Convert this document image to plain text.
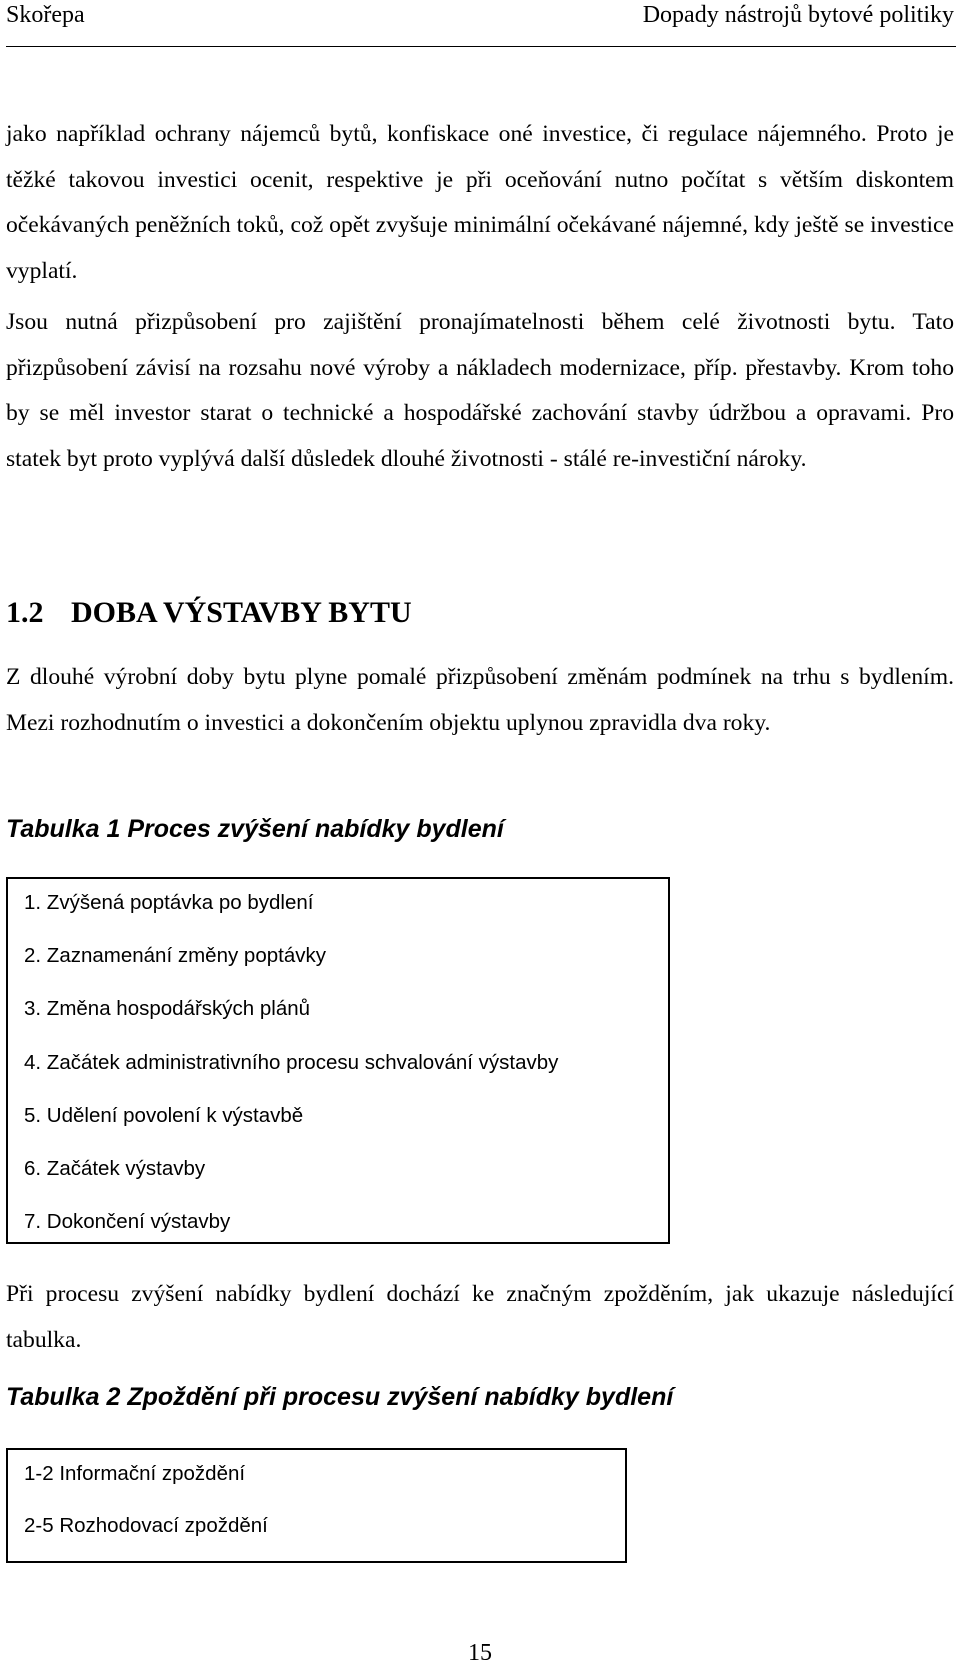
Skořepa	Dopady nástrojů bytové politiky

jako například ochrany nájemců bytů, konfiskace oné investice, či regulace nájemného. Proto je těžké takovou investici ocenit, respektive je při oceňování nutno počítat s větším diskontem očekávaných peněžních toků, což opět zvyšuje minimální očekávané nájemné, kdy ještě se investice vyplatí.

Jsou nutná přizpůsobení pro zajištění pronajímatelnosti během celé životnosti bytu. Tato přizpůsobení závisí na rozsahu nové výroby a nákladech modernizace, příp. přestavby. Krom toho by se měl investor starat o technické a hospodářské zachování stavby údržbou a opravami. Pro statek byt proto vyplývá další důsledek dlouhé životnosti - stálé re-investiční nároky.

1.2 DOBA VÝSTAVBY BYTU

Z dlouhé výrobní doby bytu plyne pomalé přizpůsobení změnám podmínek na trhu s bydlením. Mezi rozhodnutím o investici a dokončením objektu uplynou zpravidla dva roky.

Tabulka 1 Proces zvýšení nabídky bydlení

1. Zvýšená poptávka po bydlení
2. Zaznamenání změny poptávky
3. Změna hospodářských plánů
4. Začátek administrativního procesu schvalování výstavby
5. Udělení povolení k výstavbě
6. Začátek výstavby
7. Dokončení výstavby

Při procesu zvýšení nabídky bydlení dochází ke značným zpožděním, jak ukazuje následující tabulka.

Tabulka 2 Zpoždění při procesu zvýšení nabídky bydlení

1-2 Informační zpoždění
2-5 Rozhodovací zpoždění
15
